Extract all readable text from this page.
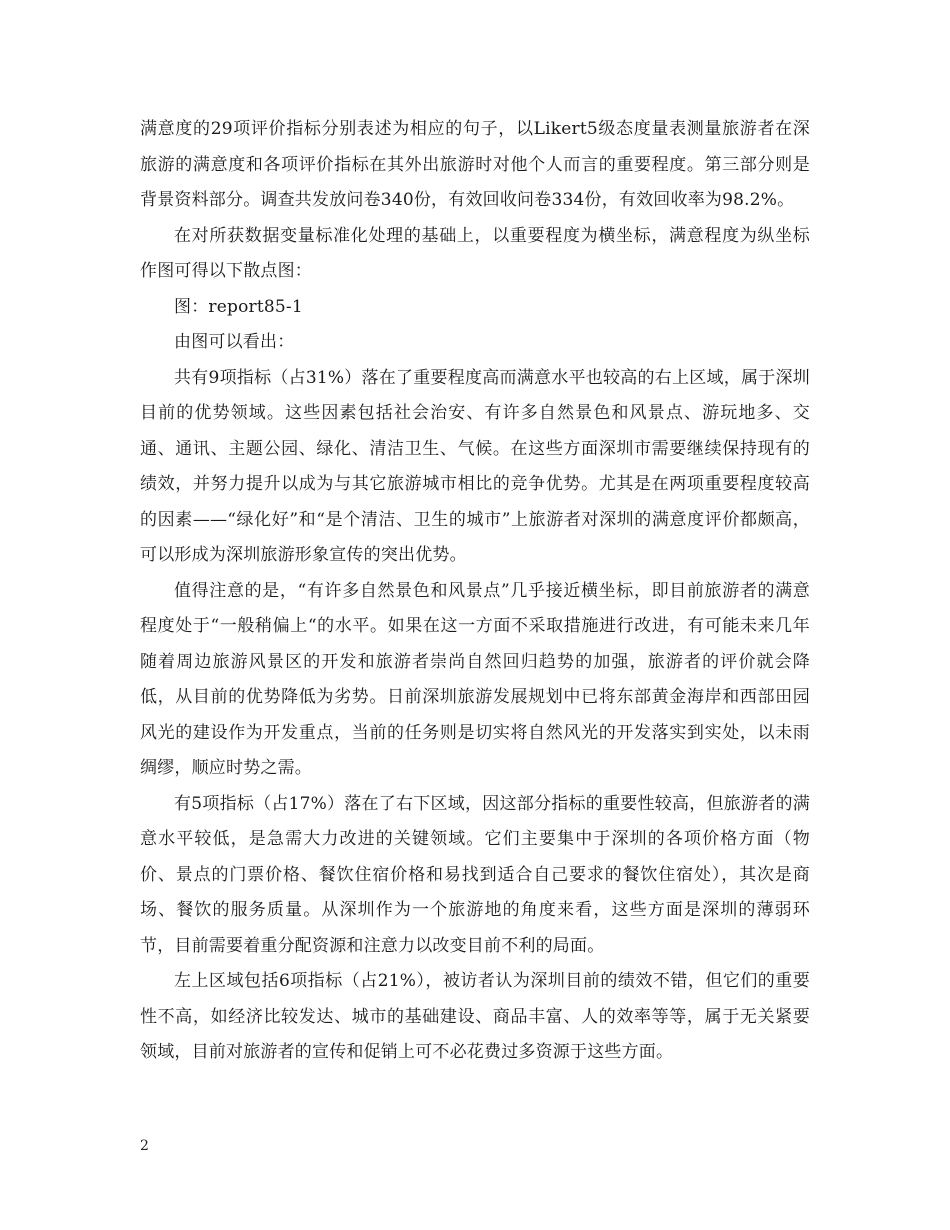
满意度的29项评价指标分别表述为相应的句子，以Likert5级态度量表测量旅游者在深旅游的满意度和各项评价指标在其外出旅游时对他个人而言的重要程度。第三部分则是背景资料部分。调查共发放问卷340份，有效回收问卷334份，有效回收率为98.2%。

在对所获数据变量标准化处理的基础上，以重要程度为横坐标，满意程度为纵坐标作图可得以下散点图：

图：report85-1

由图可以看出：

共有9项指标（占31%）落在了重要程度高而满意水平也较高的右上区域，属于深圳目前的优势领域。这些因素包括社会治安、有许多自然景色和风景点、游玩地多、交通、通讯、主题公园、绿化、清洁卫生、气候。在这些方面深圳市需要继续保持现有的绩效，并努力提升以成为与其它旅游城市相比的竞争优势。尤其是在两项重要程度较高的因素——“绿化好”和“是个清洁、卫生的城市”上旅游者对深圳的满意度评价都颇高，可以形成为深圳旅游形象宣传的突出优势。

值得注意的是，“有许多自然景色和风景点”几乎接近横坐标，即目前旅游者的满意程度处于“一般稍偏上“的水平。如果在这一方面不采取措施进行改进，有可能未来几年随着周边旅游风景区的开发和旅游者崇尚自然回归趋势的加强，旅游者的评价就会降低，从目前的优势降低为劣势。日前深圳旅游发展规划中已将东部黄金海岸和西部田园风光的建设作为开发重点，当前的任务则是切实将自然风光的开发落实到实处，以未雨绸缪，顺应时势之需。

有5项指标（占17%）落在了右下区域，因这部分指标的重要性较高，但旅游者的满意水平较低，是急需大力改进的关键领域。它们主要集中于深圳的各项价格方面（物价、景点的门票价格、餐饮住宿价格和易找到适合自己要求的餐饮住宿处），其次是商场、餐饮的服务质量。从深圳作为一个旅游地的角度来看，这些方面是深圳的薄弱环节，目前需要着重分配资源和注意力以改变目前不利的局面。

左上区域包括6项指标（占21%），被访者认为深圳目前的绩效不错，但它们的重要性不高，如经济比较发达、城市的基础建设、商品丰富、人的效率等等，属于无关紧要领域，目前对旅游者的宣传和促销上可不必花费过多资源于这些方面。

2
